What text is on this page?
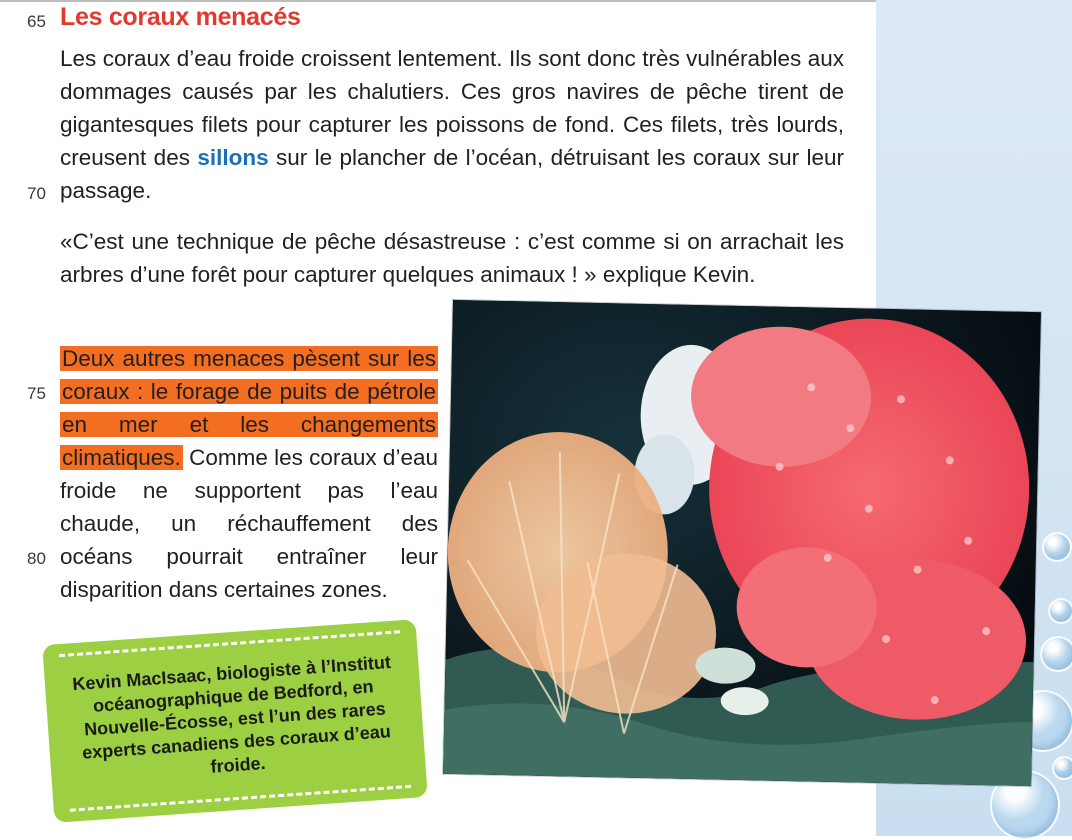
65
70
75
80
Les coraux menacés

Les coraux d’eau froide croissent lentement. Ils sont donc très vulnérables aux dommages causés par les chalutiers. Ces gros navires de pêche tirent de gigantesques filets pour capturer les poissons de fond. Ces filets, très lourds, creusent des sillons sur le plancher de l’océan, détruisant les coraux sur leur passage.

«C’est une technique de pêche désastreuse : c’est comme si on arrachait les arbres d’une forêt pour capturer quelques animaux ! » explique Kevin.

Deux autres menaces pèsent sur les coraux : le forage de puits de pétrole en mer et les changements climatiques. Comme les coraux d’eau froide ne supportent pas l’eau chaude, un réchauffement des océans pourrait entraîner leur disparition dans certaines zones.

Kevin MacIsaac, biologiste à l’Institut océanographique de Bedford, en Nouvelle-Écosse, est l’un des rares experts canadiens des coraux d’eau froide.
